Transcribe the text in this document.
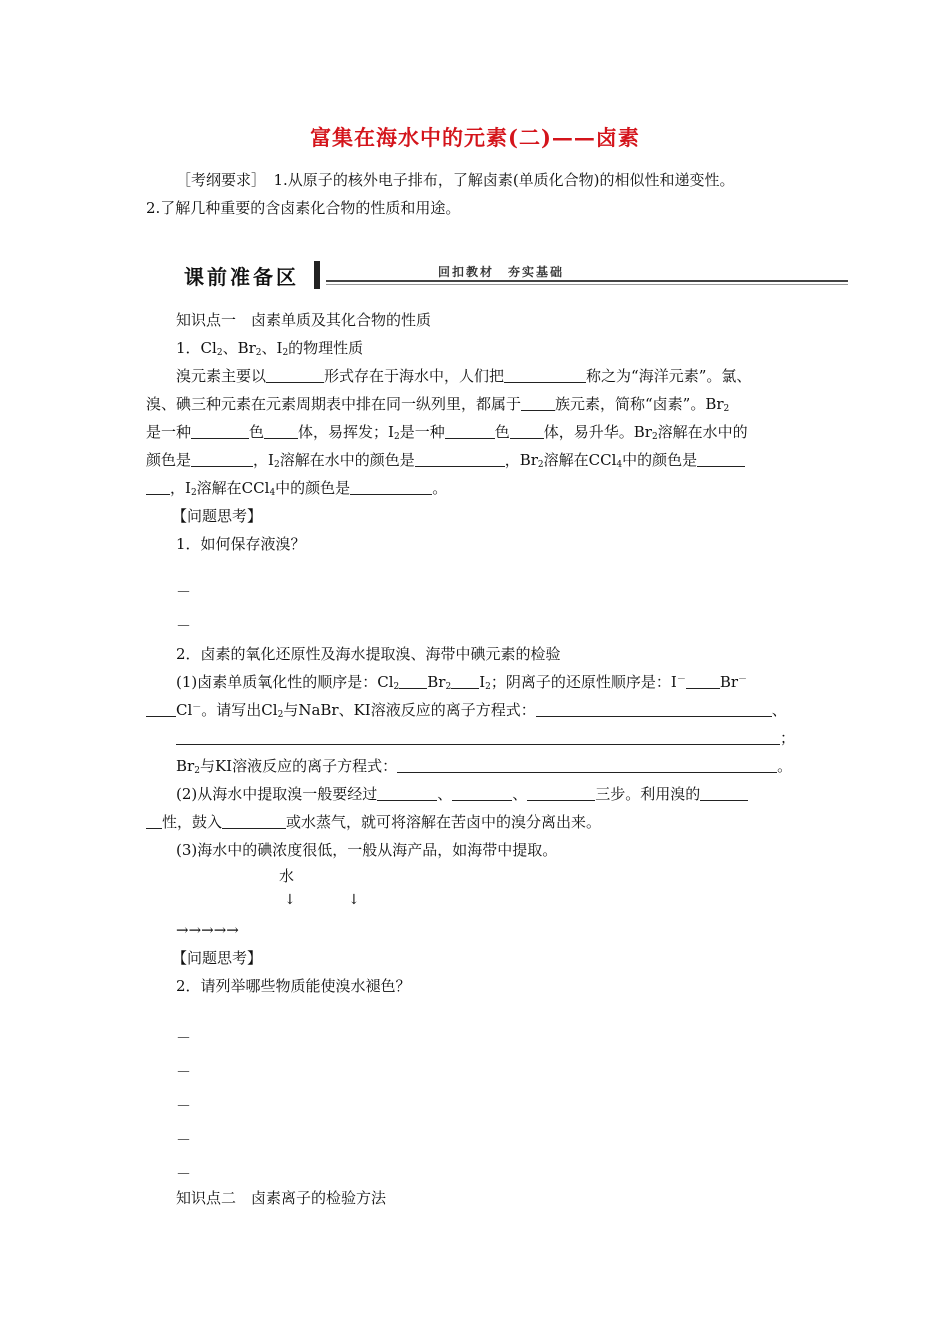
富集在海水中的元素(二)——卤素
［考纲要求］　1.从原子的核外电子排布，了解卤素(单质化合物)的相似性和递变性。
2.了解几种重要的含卤素化合物的性质和用途。
课前准备区	回扣教材　夯实基础
知识点一　卤素单质及其化合物的性质
1．$Cl_2$、$Br_2$、$I_2$的物理性质
溴元素主要以	形式存在于海水中，人们把	称之为“海洋元素”。氯、
溴、碘三种元素在元素周期表中排在同一纵列里，都属于 族元素，简称“卤素”。$Br_2$
是一种	色 体，易挥发；$I_2$是一种	色 体，易升华。$Br_2$溶解在水中的
颜色是	，$I_2$溶解在水中的颜色是	，$Br_2$溶解在CCl$_4$中的颜色是
，$I_2$溶解在CCl$_4$中的颜色是	。
【问题思考】
1．如何保存液溴？
－
－
2．卤素的氧化还原性及海水提取溴、海带中碘元素的检验
(1)卤素单质氧化性的顺序是：$Cl_2$ $Br_2$ $I_2$；阴离子的还原性顺序是：I－ Br－
Cl－。请写出$Cl_2$与NaBr、KI溶液反应的离子方程式：	、
；
$Br_2$与KI溶液反应的离子方程式：	。
(2)从海水中提取溴一般要经过	、	、	三步。利用溴的
性，鼓入	或水蒸气，就可将溶解在苦卤中的溴分离出来。
(3)海水中的碘浓度很低，一般从海产品，如海带中提取。
水
↓	↓
→→→→→
【问题思考】
2．请列举哪些物质能使溴水褪色？
－
－
－
－
－
知识点二　卤素离子的检验方法
